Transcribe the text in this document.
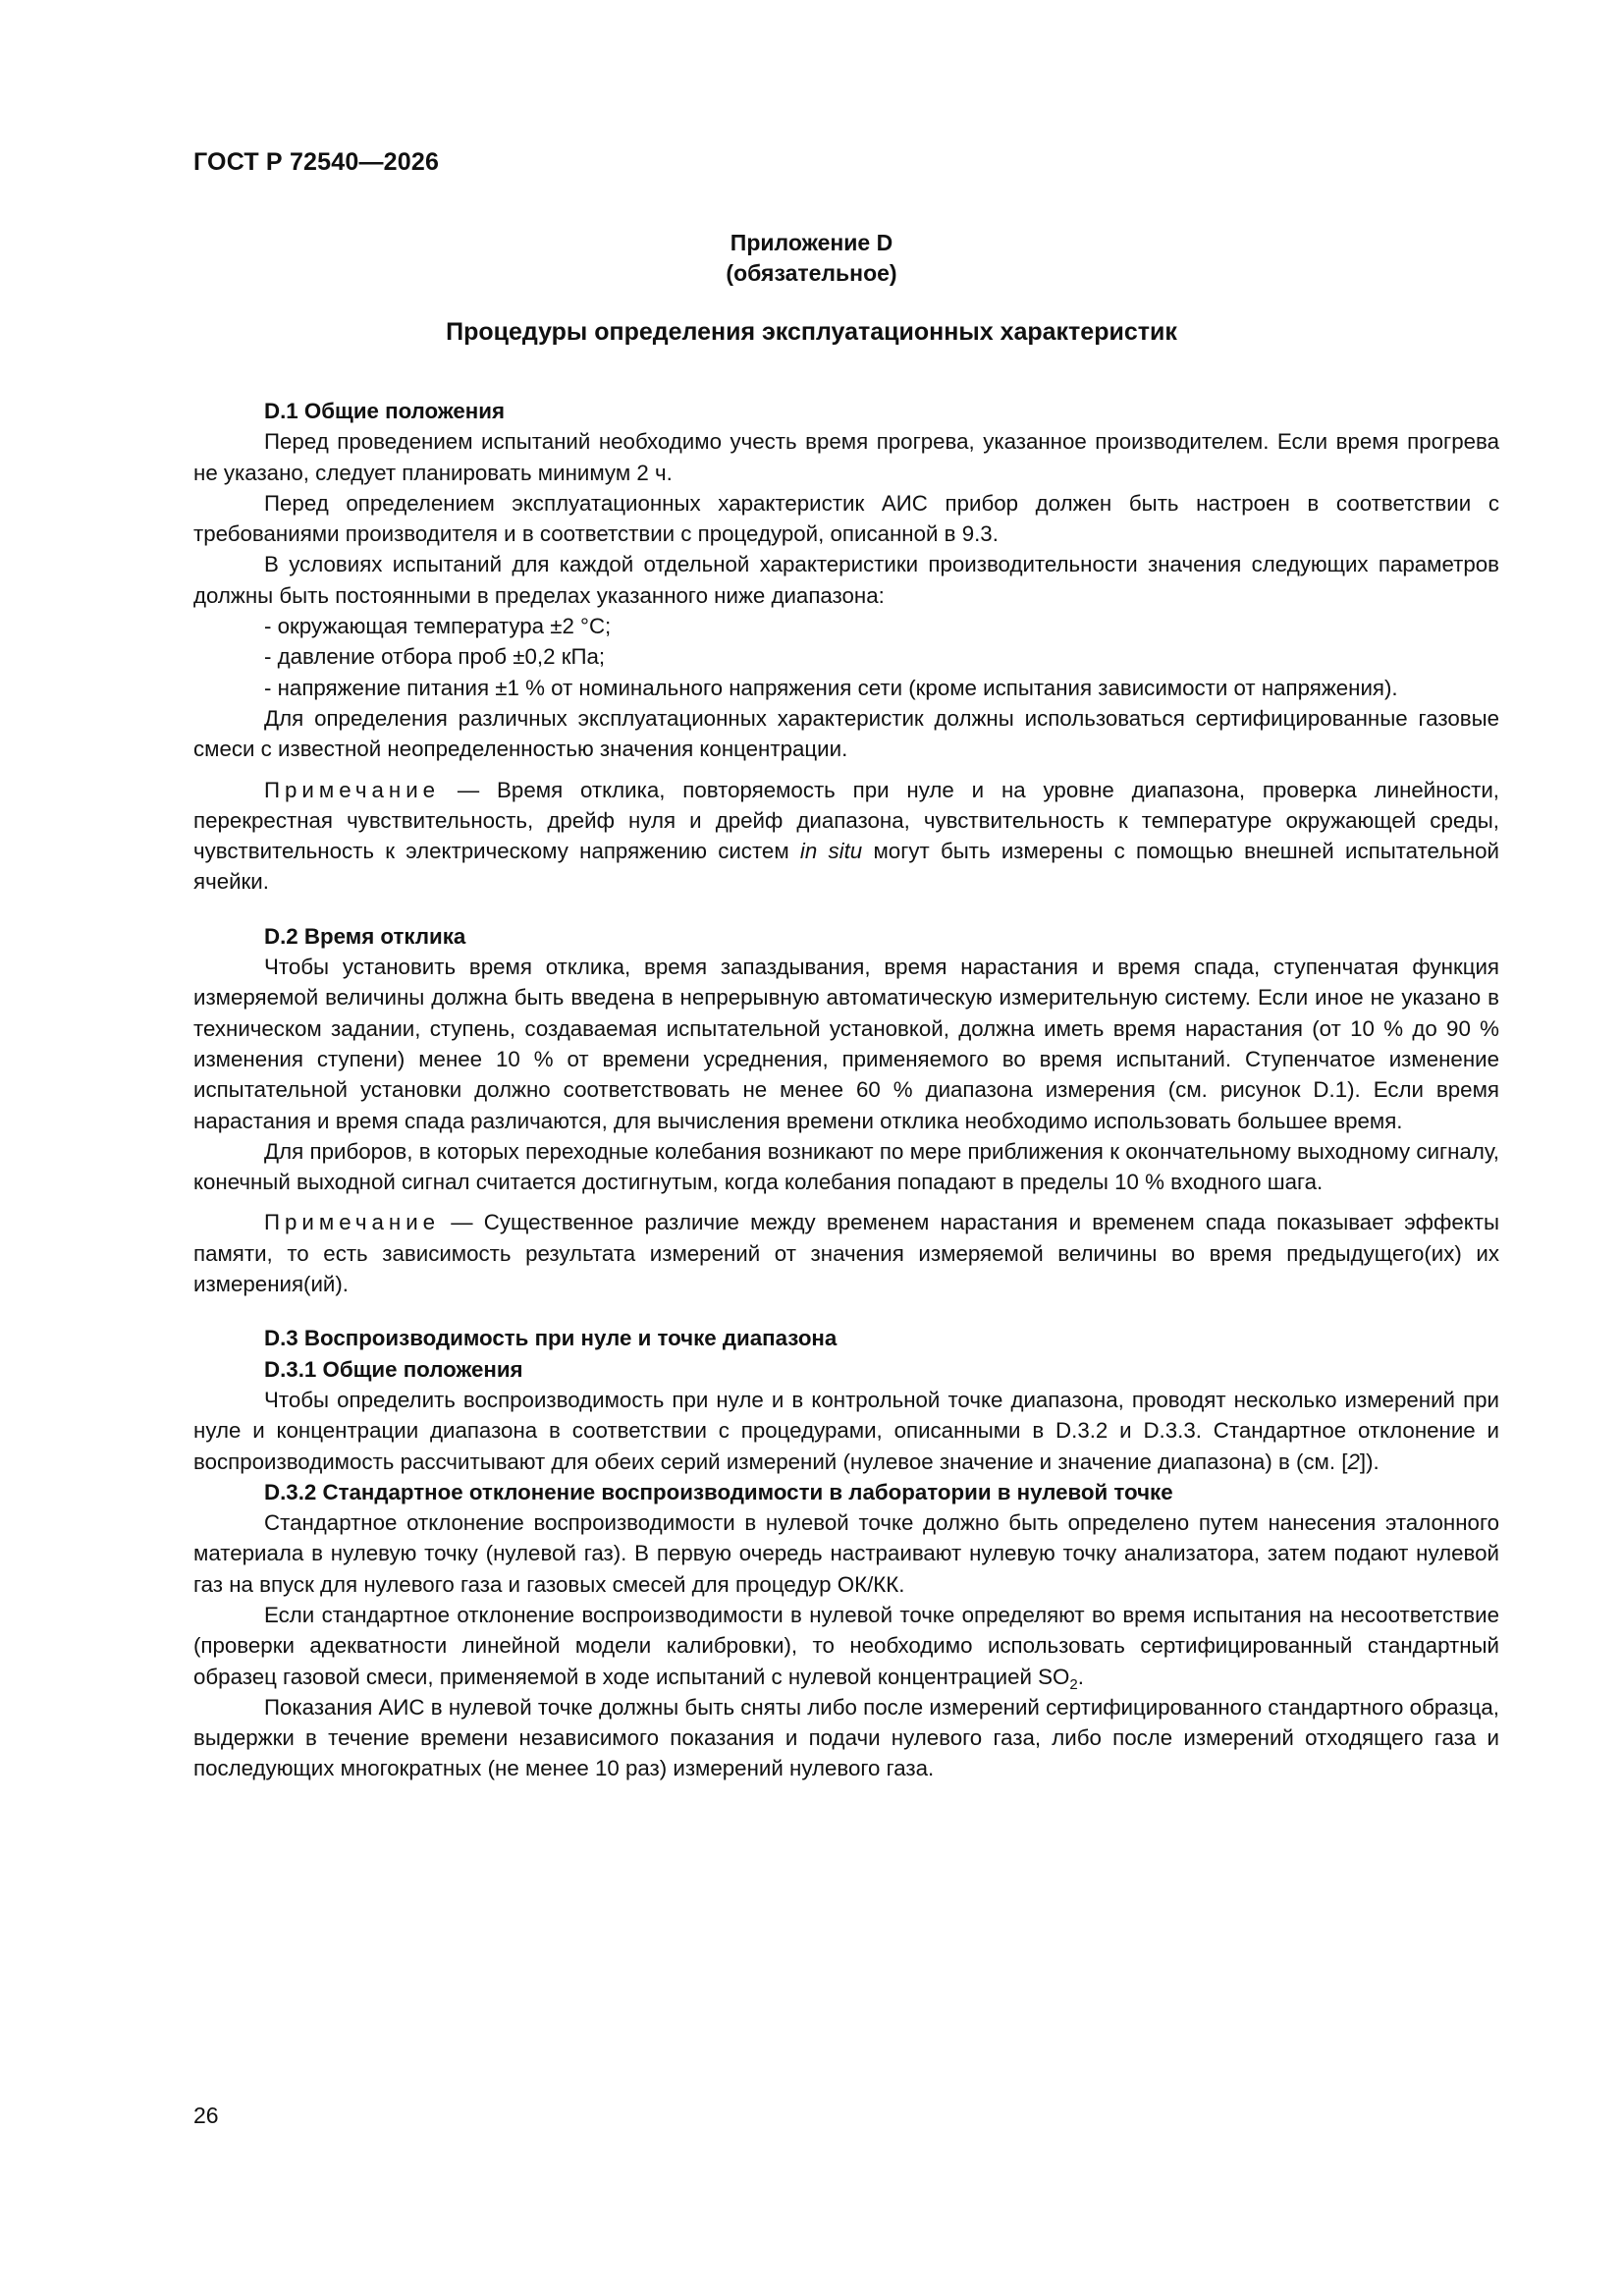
ГОСТ Р 72540—2026
Приложение D
(обязательное)
Процедуры определения эксплуатационных характеристик
D.1 Общие положения

Перед проведением испытаний необходимо учесть время прогрева, указанное производителем. Если время прогрева не указано, следует планировать минимум 2 ч.

Перед определением эксплуатационных характеристик АИС прибор должен быть настроен в соответствии с требованиями производителя и в соответствии с процедурой, описанной в 9.3.

В условиях испытаний для каждой отдельной характеристики производительности значения следующих параметров должны быть постоянными в пределах указанного ниже диапазона:

- окружающая температура ±2 °С;

- давление отбора проб ±0,2 кПа;

- напряжение питания ±1 % от номинального напряжения сети (кроме испытания зависимости от напряжения).

Для определения различных эксплуатационных характеристик должны использоваться сертифицированные газовые смеси с известной неопределенностью значения концентрации.

Примечание — Время отклика, повторяемость при нуле и на уровне диапазона, проверка линейности, перекрестная чувствительность, дрейф нуля и дрейф диапазона, чувствительность к температуре окружающей среды, чувствительность к электрическому напряжению систем in situ могут быть измерены с помощью внешней испытательной ячейки.

D.2 Время отклика

Чтобы установить время отклика, время запаздывания, время нарастания и время спада, ступенчатая функция измеряемой величины должна быть введена в непрерывную автоматическую измерительную систему. Если иное не указано в техническом задании, ступень, создаваемая испытательной установкой, должна иметь время нарастания (от 10 % до 90 % изменения ступени) менее 10 % от времени усреднения, применяемого во время испытаний. Ступенчатое изменение испытательной установки должно соответствовать не менее 60 % диапазона измерения (см. рисунок D.1). Если время нарастания и время спада различаются, для вычисления времени отклика необходимо использовать большее время.

Для приборов, в которых переходные колебания возникают по мере приближения к окончательному выходному сигналу, конечный выходной сигнал считается достигнутым, когда колебания попадают в пределы 10 % входного шага.

Примечание — Существенное различие между временем нарастания и временем спада показывает эффекты памяти, то есть зависимость результата измерений от значения измеряемой величины во время предыдущего(их) их измерения(ий).

D.3 Воспроизводимость при нуле и точке диапазона
D.3.1 Общие положения

Чтобы определить воспроизводимость при нуле и в контрольной точке диапазона, проводят несколько измерений при нуле и концентрации диапазона в соответствии с процедурами, описанными в D.3.2 и D.3.3. Стандартное отклонение и воспроизводимость рассчитывают для обеих серий измерений (нулевое значение и значение диапазона) в (см. [2]).

D.3.2 Стандартное отклонение воспроизводимости в лаборатории в нулевой точке

Стандартное отклонение воспроизводимости в нулевой точке должно быть определено путем нанесения эталонного материала в нулевую точку (нулевой газ). В первую очередь настраивают нулевую точку анализатора, затем подают нулевой газ на впуск для нулевого газа и газовых смесей для процедур ОК/КК.

Если стандартное отклонение воспроизводимости в нулевой точке определяют во время испытания на несоответствие (проверки адекватности линейной модели калибровки), то необходимо использовать сертифицированный стандартный образец газовой смеси, применяемой в ходе испытаний с нулевой концентрацией $SO_2$.

Показания АИС в нулевой точке должны быть сняты либо после измерений сертифицированного стандартного образца, выдержки в течение времени независимого показания и подачи нулевого газа, либо после измерений отходящего газа и последующих многократных (не менее 10 раз) измерений нулевого газа.

26
